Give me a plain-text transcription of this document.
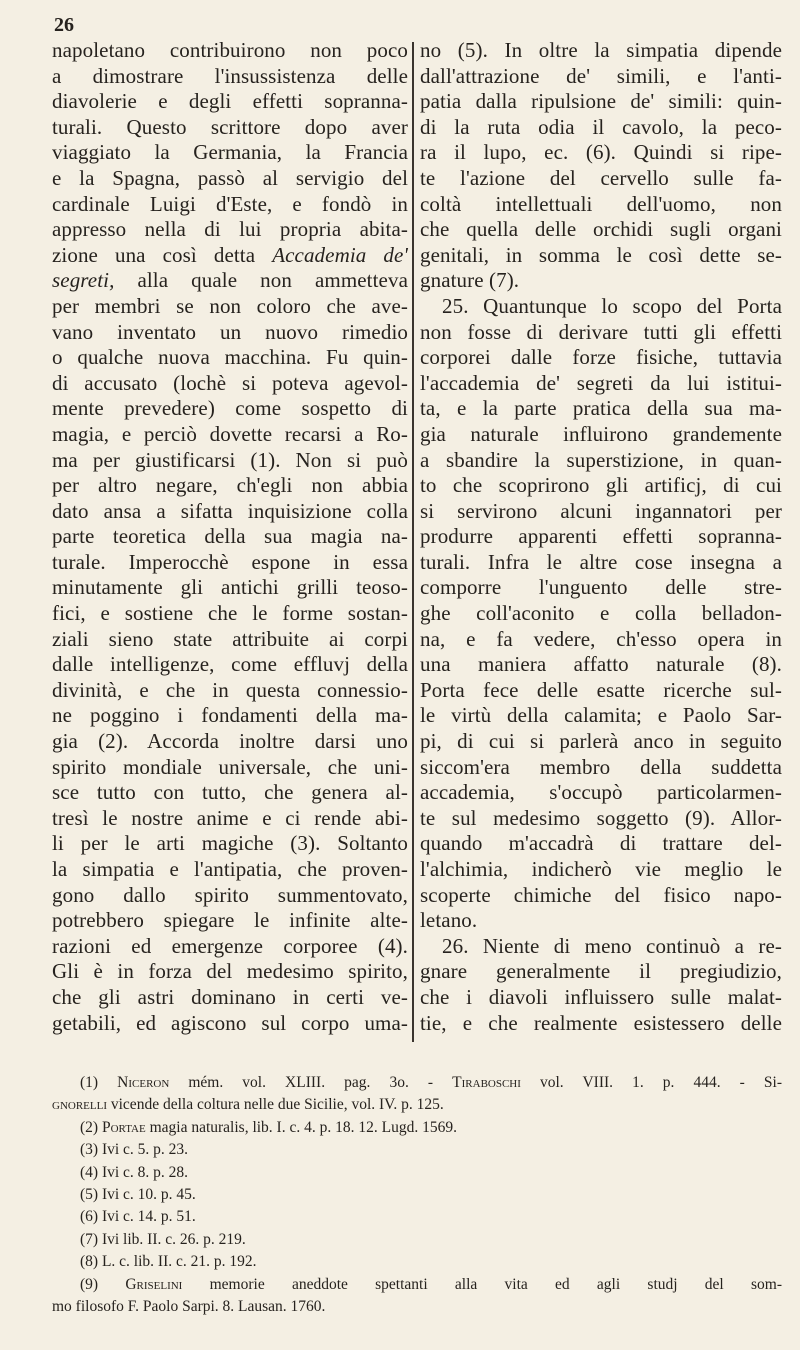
26
napoletano contribuirono non poco
a dimostrare l'insussistenza delle
diavolerie e degli effetti sopranna-
turali. Questo scrittore dopo aver
viaggiato la Germania, la Francia
e la Spagna, passò al servigio del
cardinale Luigi d'Este, e fondò in
appresso nella di lui propria abita-
zione una così detta Accademia de'
segreti, alla quale non ammetteva
per membri se non coloro che ave-
vano inventato un nuovo rimedio
o qualche nuova macchina. Fu quin-
di accusato (lochè si poteva agevol-
mente prevedere) come sospetto di
magia, e perciò dovette recarsi a Ro-
ma per giustificarsi (1). Non si può
per altro negare, ch'egli non abbia
dato ansa a sifatta inquisizione colla
parte teoretica della sua magia na-
turale. Imperocchè espone in essa
minutamente gli antichi grilli teoso-
fici, e sostiene che le forme sostan-
ziali sieno state attribuite ai corpi
dalle intelligenze, come effluvj della
divinità, e che in questa connessio-
ne poggino i fondamenti della ma-
gia (2). Accorda inoltre darsi uno
spirito mondiale universale, che uni-
sce tutto con tutto, che genera al-
tresì le nostre anime e ci rende abi-
li per le arti magiche (3). Soltanto
la simpatia e l'antipatia, che proven-
gono dallo spirito summentovato,
potrebbero spiegare le infinite alte-
razioni ed emergenze corporee (4).
Gli è in forza del medesimo spirito,
che gli astri dominano in certi ve-
getabili, ed agiscono sul corpo uma-
no (5). In oltre la simpatia dipende
dall'attrazione de' simili, e l'anti-
patia dalla ripulsione de' simili: quin-
di la ruta odia il cavolo, la peco-
ra il lupo, ec. (6). Quindi si ripe-
te l'azione del cervello sulle fa-
coltà intellettuali dell'uomo, non
che quella delle orchidi sugli organi
genitali, in somma le così dette se-
gnature (7).
25. Quantunque lo scopo del Porta
non fosse di derivare tutti gli effetti
corporei dalle forze fisiche, tuttavia
l'accademia de' segreti da lui istitui-
ta, e la parte pratica della sua ma-
gia naturale influirono grandemente
a sbandire la superstizione, in quan-
to che scoprirono gli artificj, di cui
si servirono alcuni ingannatori per
produrre apparenti effetti sopranna-
turali. Infra le altre cose insegna a
comporre l'unguento delle stre-
ghe coll'aconito e colla belladon-
na, e fa vedere, ch'esso opera in
una maniera affatto naturale (8).
Porta fece delle esatte ricerche sul-
le virtù della calamita; e Paolo Sar-
pi, di cui si parlerà anco in seguito
siccom'era membro della suddetta
accademia, s'occupò particolarmen-
te sul medesimo soggetto (9). Allor-
quando m'accadrà di trattare del-
l'alchimia, indicherò vie meglio le
scoperte chimiche del fisico napo-
letano.
26. Niente di meno continuò a re-
gnare generalmente il pregiudizio,
che i diavoli influissero sulle malat-
tie, e che realmente esistessero delle
(1) Niceron mém. vol. XLIII. pag. 3o. - Tiraboschi vol. VIII. 1. p. 444. - Si-
gnorelli vicende della coltura nelle due Sicilie, vol. IV. p. 125.
(2) Portae magia naturalis, lib. I. c. 4. p. 18. 12. Lugd. 1569.
(3) Ivi c. 5. p. 23.
(4) Ivi c. 8. p. 28.
(5) Ivi c. 10. p. 45.
(6) Ivi c. 14. p. 51.
(7) Ivi lib. II. c. 26. p. 219.
(8) L. c. lib. II. c. 21. p. 192.
(9) Griselini memorie aneddote spettanti alla vita ed agli studj del som-
mo filosofo F. Paolo Sarpi. 8. Lausan. 1760.
